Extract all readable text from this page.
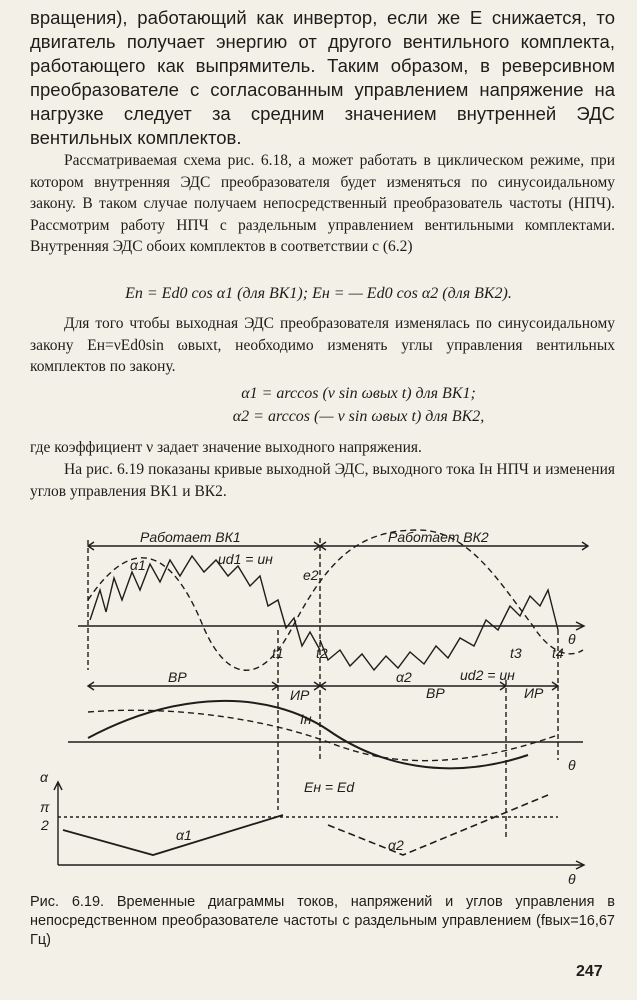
вращения), работающий как инвертор, если же E снижается, то двигатель получает энергию от другого вентильного комплекта, работающего как выпрямитель. Таким образом, в реверсивном преобразователе с согласованным управлением напряжение на нагрузке следует за средним значением внутренней ЭДС вентильных комплектов.

Рассматриваемая схема рис. 6.18, а может работать в циклическом режиме, при котором внутренняя ЭДС преобразователя будет изменяться по синусоидальному закону. В таком случае получаем непосредственный преобразователь частоты (НПЧ). Рассмотрим работу НПЧ с раздельным управлением вентильными комплектами. Внутренняя ЭДС обоих комплектов в соответствии с (6.2)

Eп = Ed0 cos α1 (для ВК1); Eн = — Ed0 cos α2 (для ВК2).

Для того чтобы выходная ЭДС преобразователя изменялась по синусоидальному закону Eн=νEd0sin ωвыхt, необходимо изменять углы управления вентильных комплектов по закону.

α1 = arccos (ν sin ωвых t) для ВК1;
α2 = arccos (— ν sin ωвых t) для ВК2,

где коэффициент ν задает значение выходного напряжения.

На рис. 6.19 показаны кривые выходной ЭДС, выходного тока Iн НПЧ и изменения углов управления ВК1 и ВК2.

Работает ВК1	Работает ВК2
α1	ud1 = uн
e2
t1 t2	t3 t4
θ
ВР
ИР
α2
ВР
ud2 = uн
ИР
Iн
θ
Eн = Ed
α
π
2
α1
α2
θ

Рис. 6.19. Временные диаграммы токов, напряжений и углов управления в непосредственном преобразователе частоты с раздельным управлением (fвых=16,67 Гц)

247
